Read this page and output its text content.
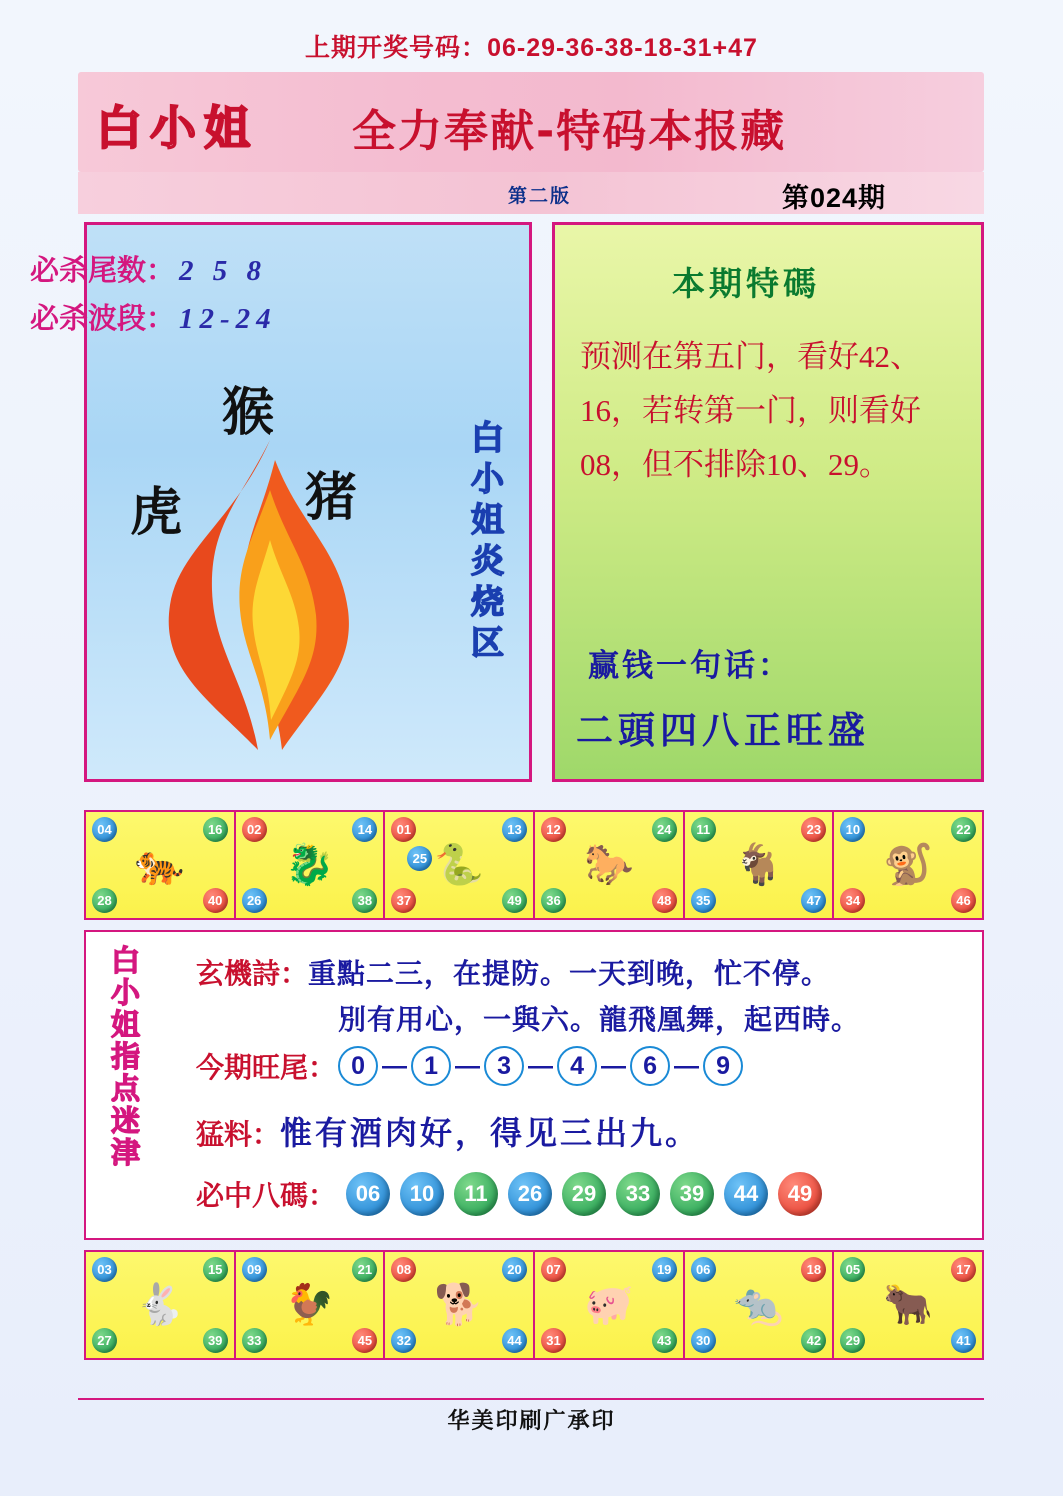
上期开奖号码：06-29-36-38-18-31+47
白小姐 全力奉献-特码本报藏
第二版	第024期
必杀尾数： 2 5 8
必杀波段： 12-24
猴
虎 猪	白小姐炎烧区
本期特碼
预测在第五门，看好42、16，若转第一门，则看好08，但不排除10、29。
赢钱一句话：
二頭四八正旺盛
04	16
🐅
28	40
02	14
🐉
26	38
01	13
25 🐍
37	49
12	24
🐎
36	48
11	23
🐐
35	47
10	22
🐒
34	46
白小姐指点迷津 玄機詩：重點二三，在提防。一天到晚，忙不停。
別有用心，一與六。龍飛凰舞，起西時。
今期旺尾： 0 — 1 — 3 — 4 — 6 — 9
猛料：惟有酒肉好，得见三出九。
必中八碼： 06	10	11	26	29	33	39	44	49
03	15
🐇
27	39
09	21
🐓
33	45
08	20
🐕
32	44
07	19
🐖
31	43
06	18
🐀
30	42
05	17
🐂
29	41
华美印刷广承印
